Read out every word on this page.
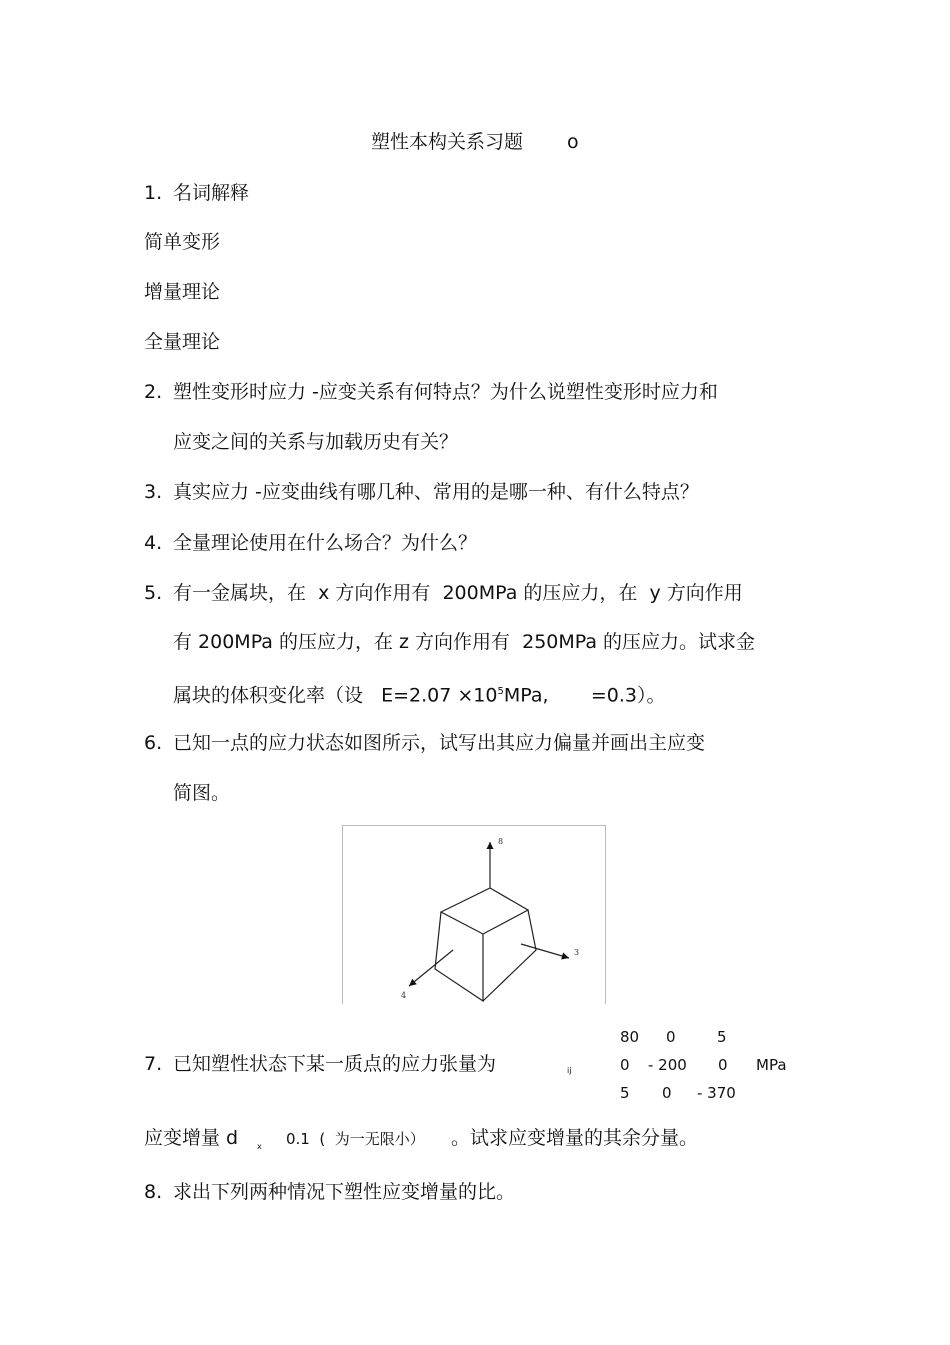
塑性本构关系习题 o
1. 名词解释
简单变形
增量理论
全量理论
2. 塑性变形时应力 -应变关系有何特点？为什么说塑性变形时应力和
应变之间的关系与加载历史有关？
3. 真实应力 -应变曲线有哪几种、常用的是哪一种、有什么特点？
4. 全量理论使用在什么场合？为什么？
5. 有一金属块，在  x 方向作用有  200MPa 的压应力，在  y 方向作用
有 200MPa 的压应力，在 z 方向作用有  250MPa 的压应力。试求金
属块的体积变化率（设   $E=2.07 \times 10^5MPa$,       =0.3）。
6. 已知一点的应力状态如图所示，试写出其应力偏量并画出主应变
简图。
8
3
4
7. 已知塑性状态下某一质点的应力张量为	ij
80 0	5
0 - 200 0 MPa
5 0 - 370
应变增量 d x 0.1  (  为一无限小） 。试求应变增量的其余分量。
8. 求出下列两种情况下塑性应变增量的比。
